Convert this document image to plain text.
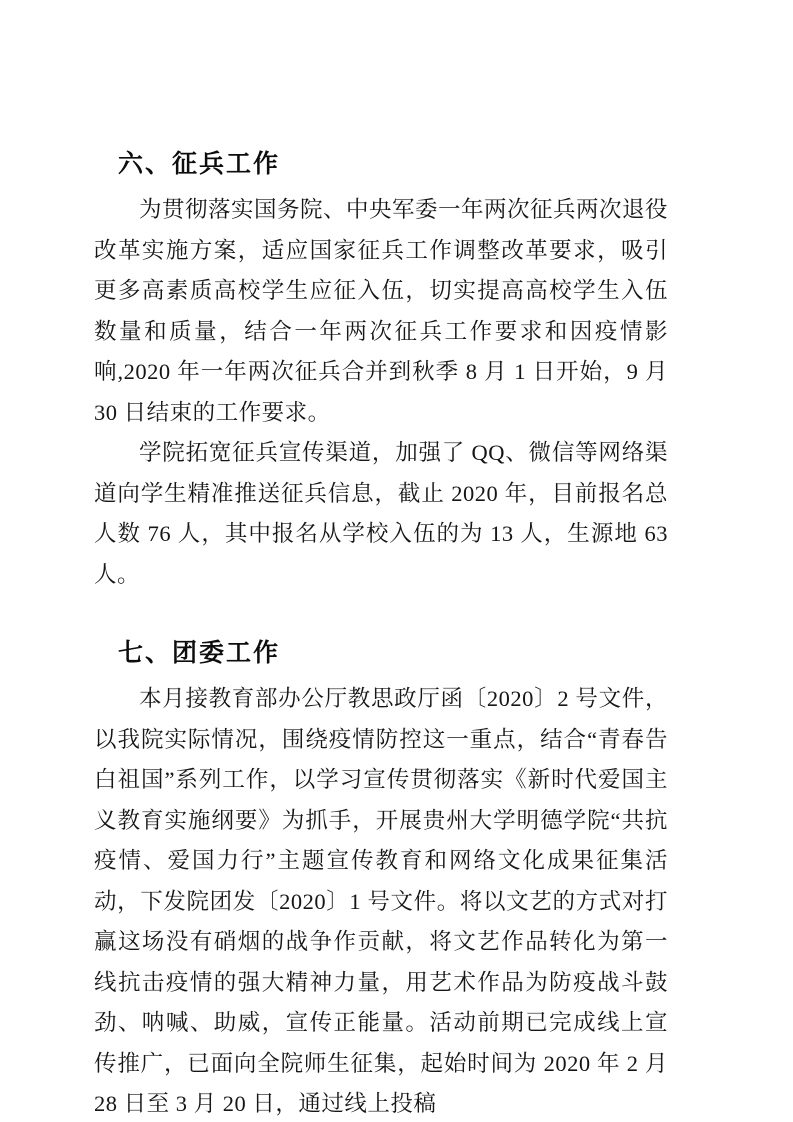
六、征兵工作

为贯彻落实国务院、中央军委一年两次征兵两次退役改革实施方案，适应国家征兵工作调整改革要求，吸引更多高素质高校学生应征入伍，切实提高高校学生入伍数量和质量，结合一年两次征兵工作要求和因疫情影响,2020 年一年两次征兵合并到秋季 8 月 1 日开始，9 月 30 日结束的工作要求。

学院拓宽征兵宣传渠道，加强了 QQ、微信等网络渠道向学生精准推送征兵信息，截止 2020 年，目前报名总人数 76 人，其中报名从学校入伍的为 13 人，生源地 63 人。

七、团委工作

本月接教育部办公厅教思政厅函〔2020〕2 号文件，以我院实际情况，围绕疫情防控这一重点，结合“青春告白祖国”系列工作，以学习宣传贯彻落实《新时代爱国主义教育实施纲要》为抓手，开展贵州大学明德学院“共抗疫情、爱国力行”主题宣传教育和网络文化成果征集活动，下发院团发〔2020〕1 号文件。将以文艺的方式对打赢这场没有硝烟的战争作贡献，将文艺作品转化为第一线抗击疫情的强大精神力量，用艺术作品为防疫战斗鼓劲、呐喊、助威，宣传正能量。活动前期已完成线上宣传推广，已面向全院师生征集，起始时间为 2020 年 2 月 28 日至 3 月 20 日，通过线上投稿
